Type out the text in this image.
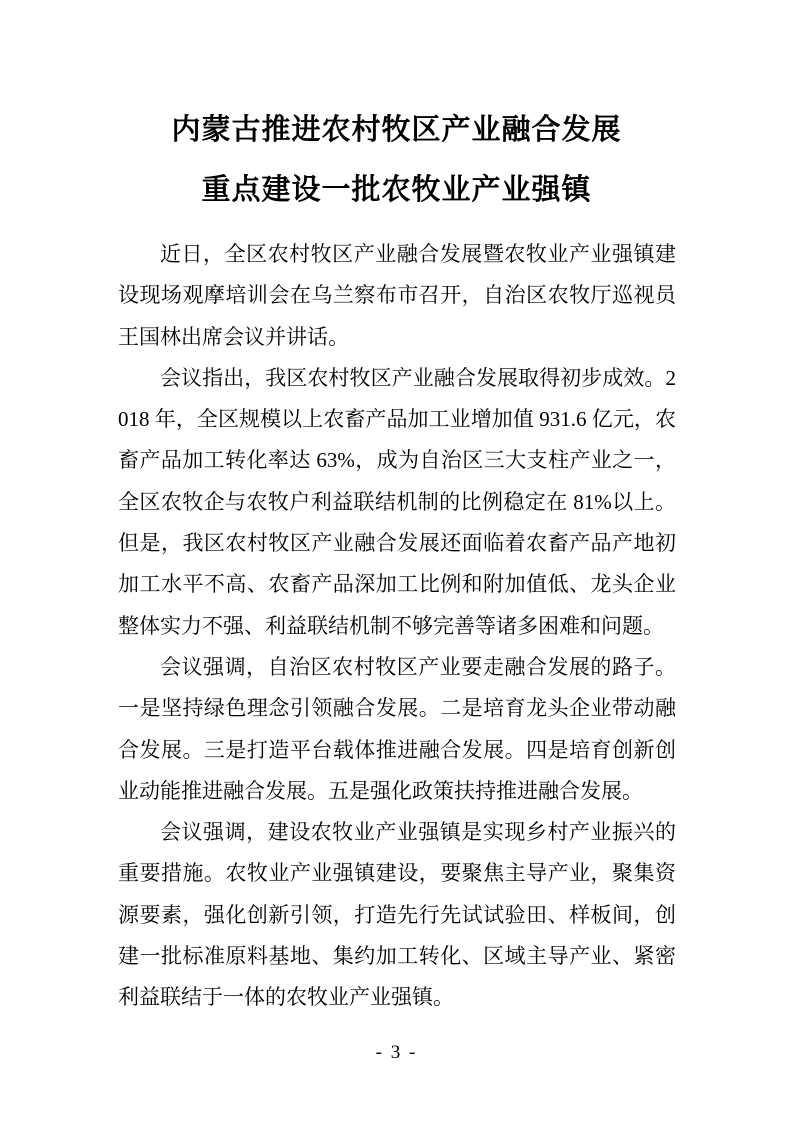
内蒙古推进农村牧区产业融合发展
重点建设一批农牧业产业强镇

近日，全区农村牧区产业融合发展暨农牧业产业强镇建设现场观摩培训会在乌兰察布市召开，自治区农牧厅巡视员王国林出席会议并讲话。

会议指出，我区农村牧区产业融合发展取得初步成效。2018 年，全区规模以上农畜产品加工业增加值 931.6 亿元，农畜产品加工转化率达 63%，成为自治区三大支柱产业之一，全区农牧企与农牧户利益联结机制的比例稳定在 81%以上。但是，我区农村牧区产业融合发展还面临着农畜产品产地初加工水平不高、农畜产品深加工比例和附加值低、龙头企业整体实力不强、利益联结机制不够完善等诸多困难和问题。

会议强调，自治区农村牧区产业要走融合发展的路子。一是坚持绿色理念引领融合发展。二是培育龙头企业带动融合发展。三是打造平台载体推进融合发展。四是培育创新创业动能推进融合发展。五是强化政策扶持推进融合发展。

会议强调，建设农牧业产业强镇是实现乡村产业振兴的重要措施。农牧业产业强镇建设，要聚焦主导产业，聚集资源要素，强化创新引领，打造先行先试试验田、样板间，创建一批标准原料基地、集约加工转化、区域主导产业、紧密利益联结于一体的农牧业产业强镇。

- 3 -
